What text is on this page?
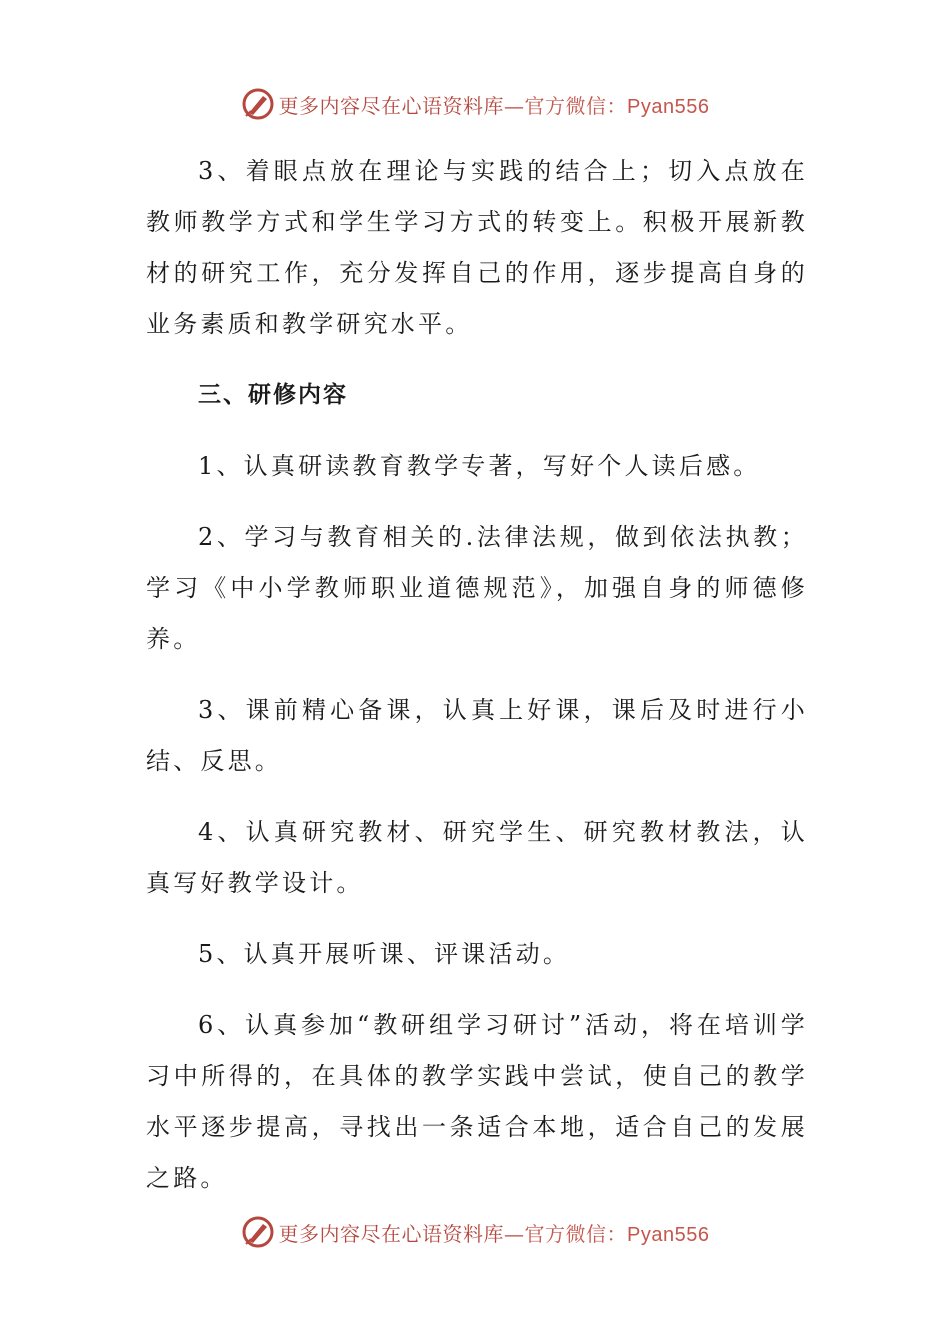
更多内容尽在心语资料库—官方微信：Pyan556

3、着眼点放在理论与实践的结合上；切入点放在教师教学方式和学生学习方式的转变上。积极开展新教材的研究工作，充分发挥自己的作用，逐步提高自身的业务素质和教学研究水平。

三、研修内容

1、认真研读教育教学专著，写好个人读后感。

2、学习与教育相关的.法律法规，做到依法执教；学习《中小学教师职业道德规范》，加强自身的师德修养。

3、课前精心备课，认真上好课，课后及时进行小结、反思。

4、认真研究教材、研究学生、研究教材教法，认真写好教学设计。

5、认真开展听课、评课活动。

6、认真参加“教研组学习研讨”活动，将在培训学习中所得的，在具体的教学实践中尝试，使自己的教学水平逐步提高，寻找出一条适合本地，适合自己的发展之路。

更多内容尽在心语资料库—官方微信：Pyan556
